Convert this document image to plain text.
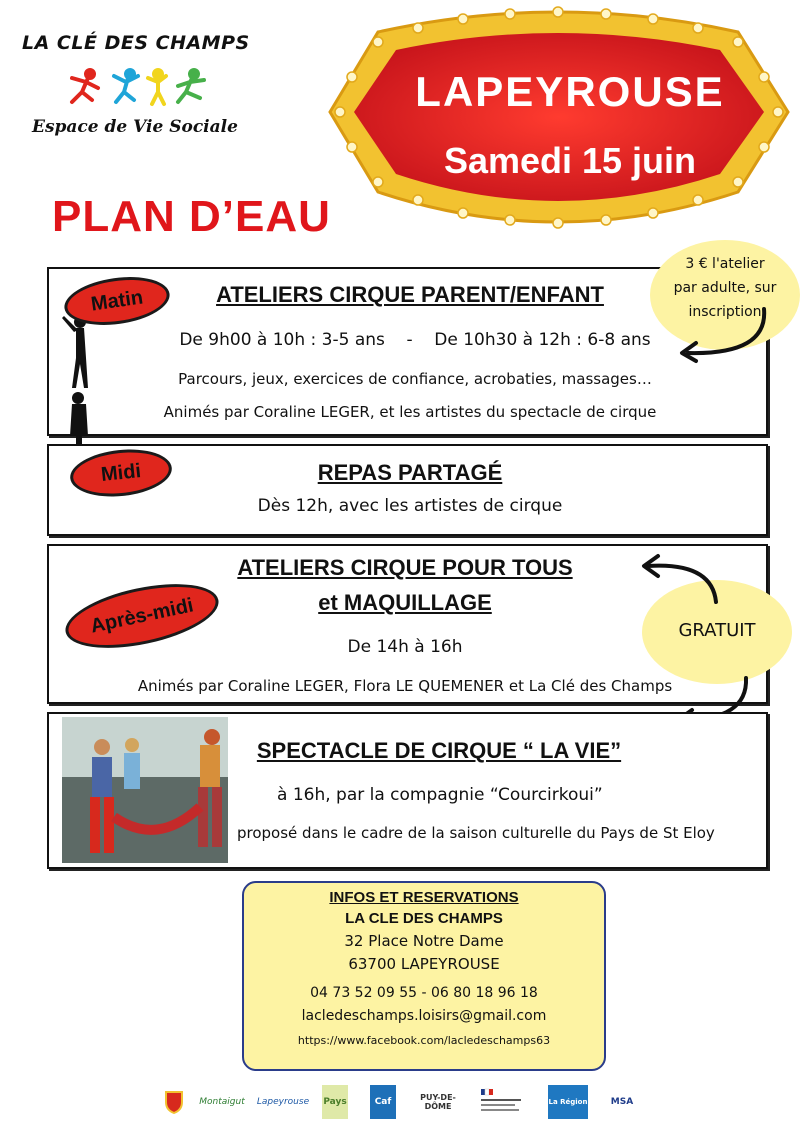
LA CLÉ DES CHAMPS
Espace de Vie Sociale
LAPEYROUSE
Samedi 15 juin
PLAN D’EAU
ATELIERS CIRQUE PARENT/ENFANT
De 9h00 à 10h : 3-5 ans    -    De 10h30 à 12h : 6-8 ans
Parcours, jeux, exercices de confiance, acrobaties, massages…
Animés par Coraline LEGER, et les artistes du spectacle de cirque
Matin
3 € l'atelier par adulte, sur inscription
REPAS PARTAGÉ
Dès 12h, avec les artistes de cirque
Midi
ATELIERS CIRQUE POUR TOUS
et MAQUILLAGE
De 14h à 16h
Animés par Coraline LEGER, Flora LE QUEMENER et La Clé des Champs
Après-midi	GRATUIT
SPECTACLE DE CIRQUE “ LA VIE”
à 16h, par la compagnie “Courcirkoui”
proposé dans le cadre de la saison culturelle du Pays de St Eloy
INFOS ET RESERVATIONS
LA CLE DES CHAMPS
32 Place Notre Dame
63700 LAPEYROUSE
04 73 52 09 55 - 06 80 18 96 18
lacledeschamps.loisirs@gmail.com
https://www.facebook.com/lacledeschamps63
Montaigut Lapeyrouse Pays	Caf	PUY-DE-DÔME	La Région	MSA
